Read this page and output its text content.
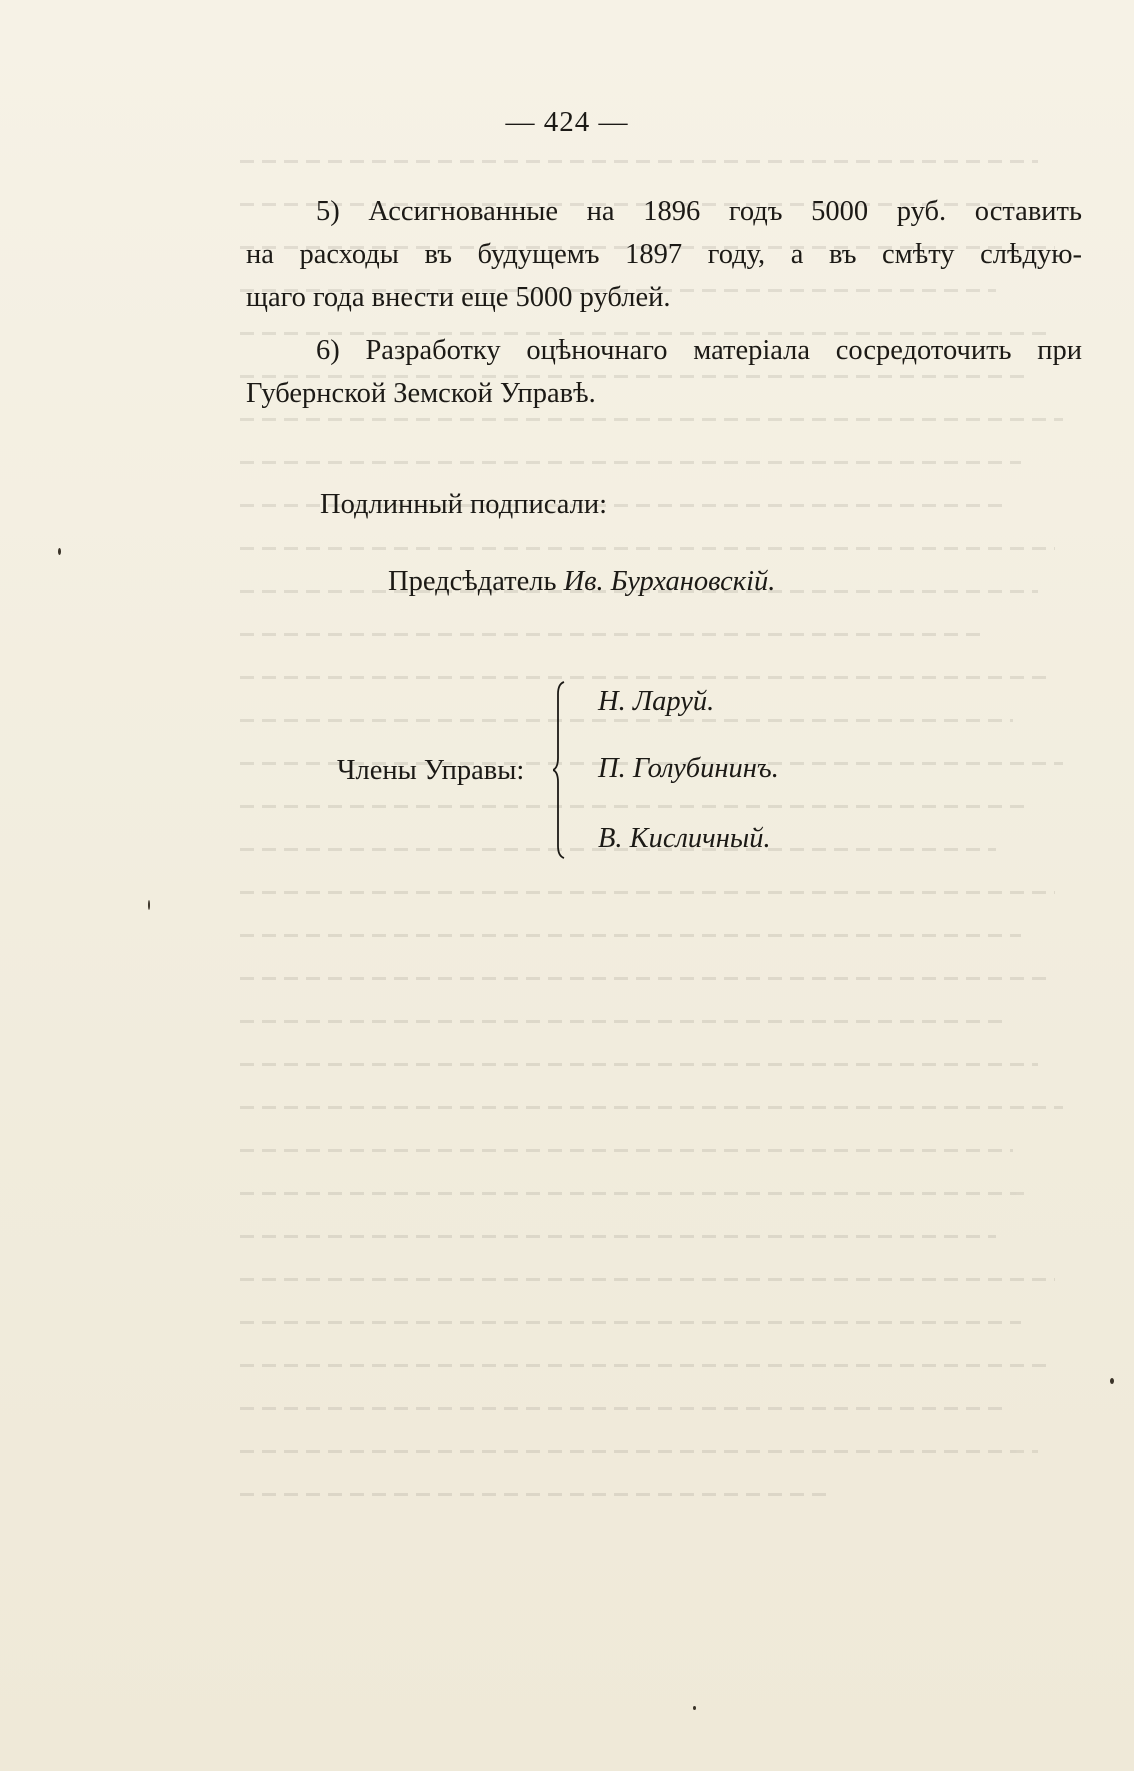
— 424 —
5) Ассигнованные на 1896 годъ 5000 руб. оставить
на расходы въ будущемъ 1897 году, а въ смѣту слѣдую-
щаго года внести еще 5000 рублей.
6) Разработку оцѣночнаго матеріала сосредоточить при
Губернской Земской Управѣ.
Подлинный подписали:
Предсѣдатель Ив. Бурхановскій.
Члены Управы:
Н. Ларуй.
П. Голубининъ.
В. Кисличный.
